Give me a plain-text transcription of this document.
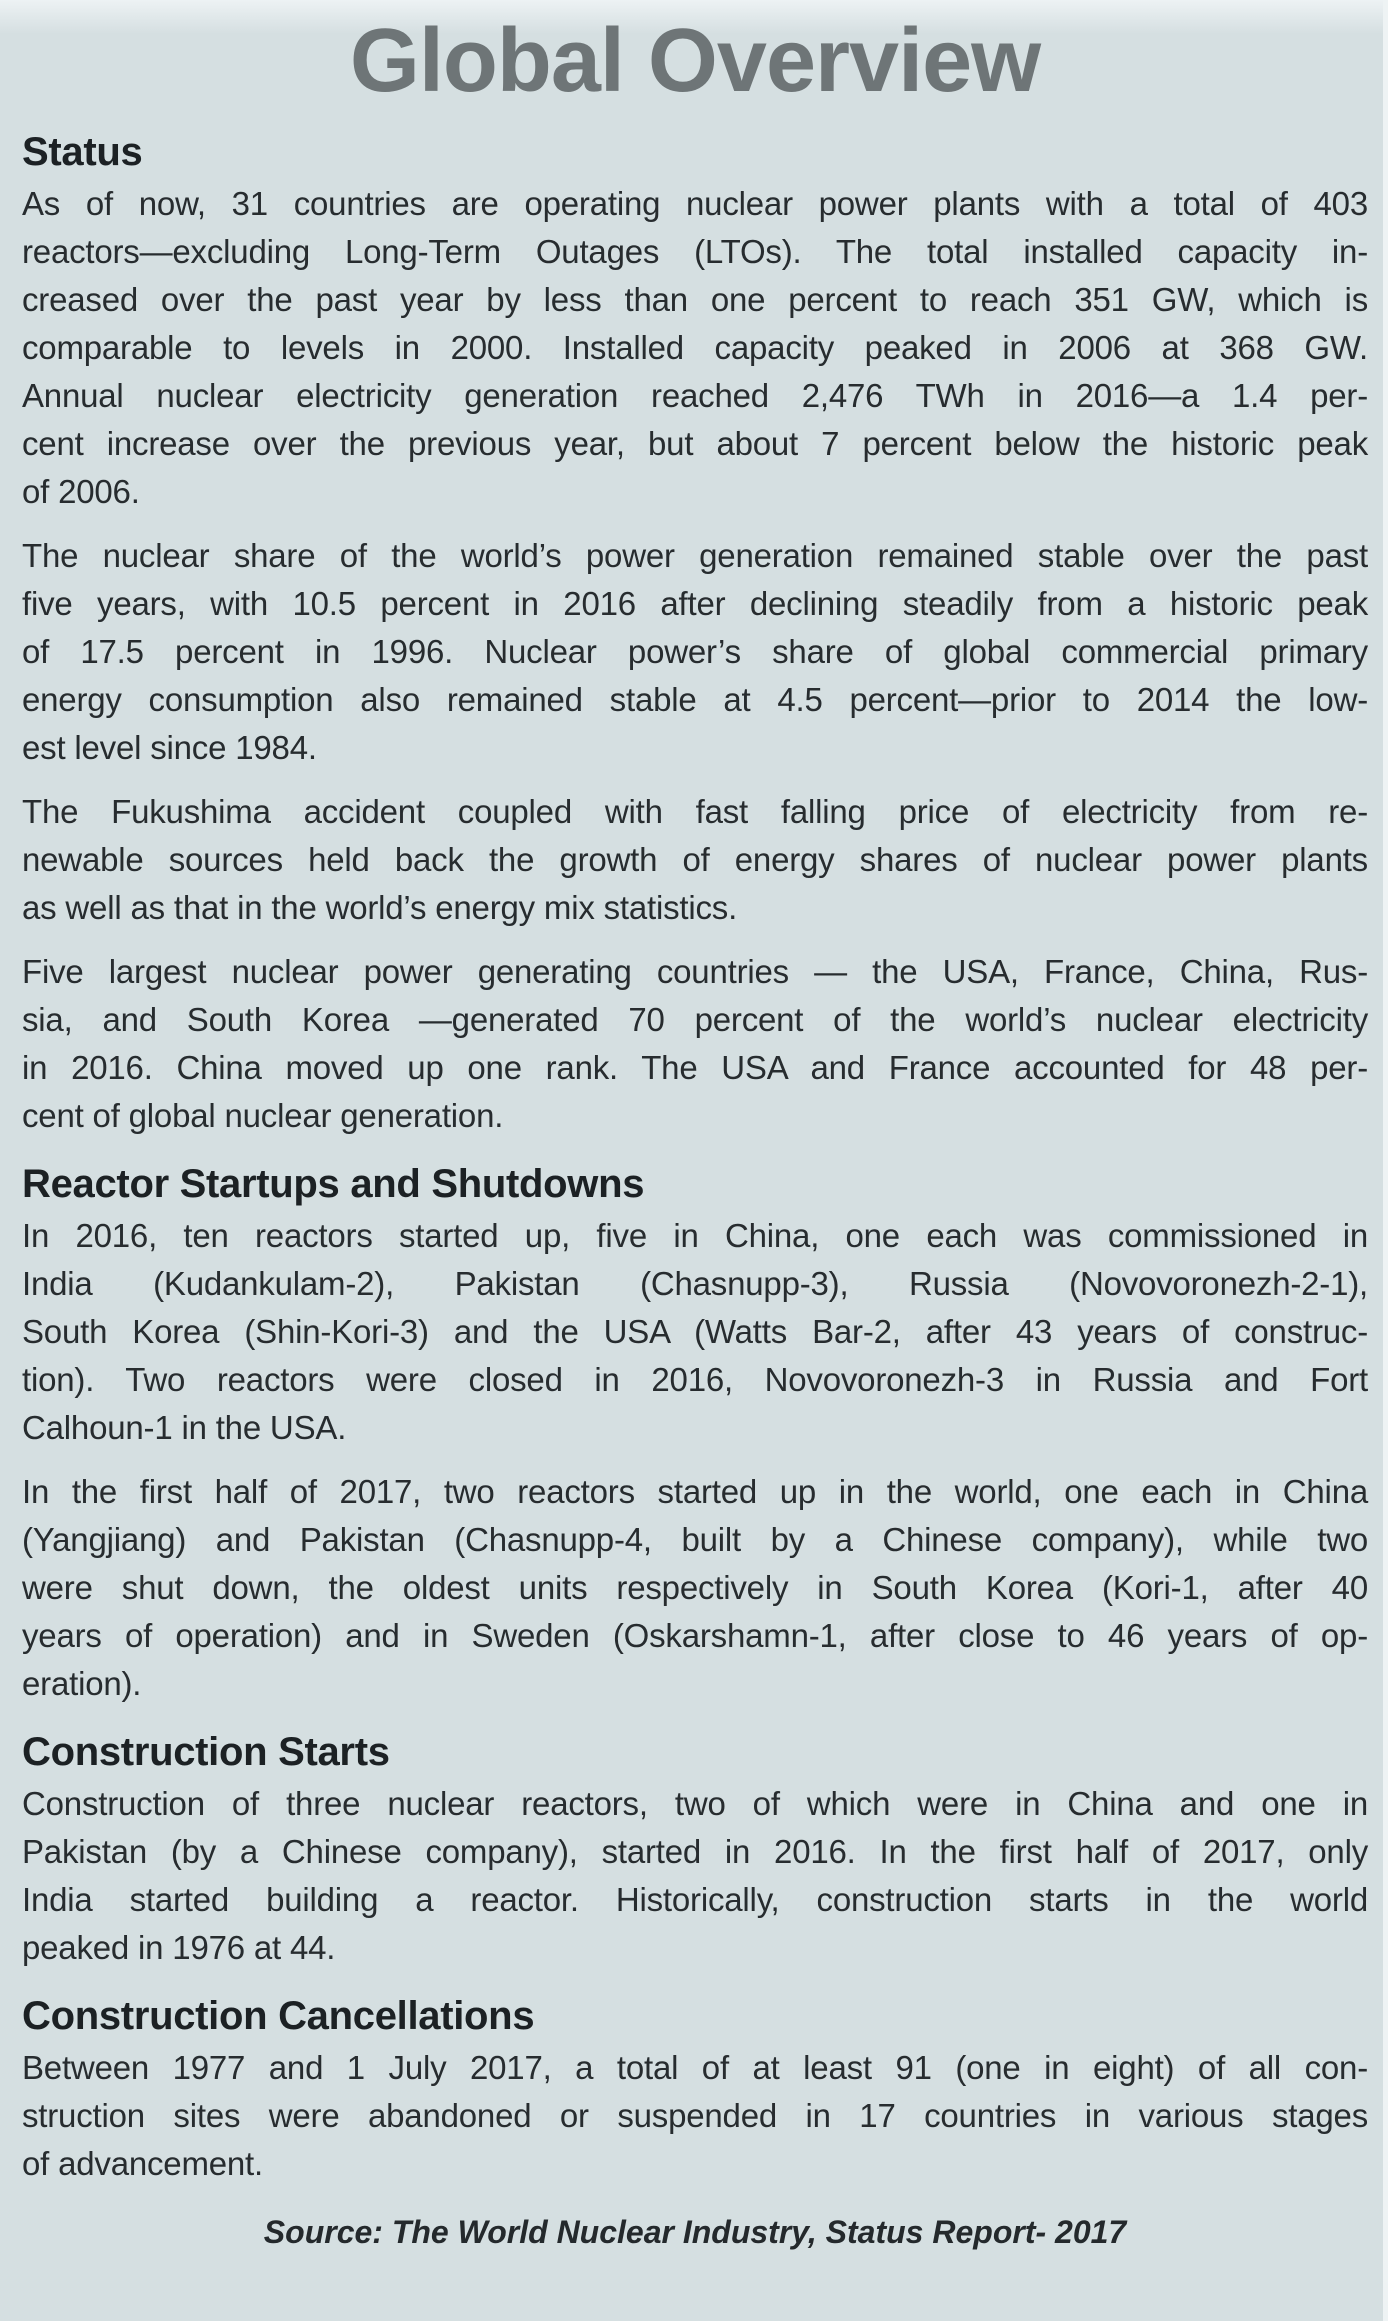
Global Overview
Status
As of now, 31 countries are operating nuclear power plants with a total of 403
reactors—excluding Long-Term Outages (LTOs). The total installed capacity in-
creased over the past year by less than one percent to reach 351 GW, which is
comparable to levels in 2000. Installed capacity peaked in 2006 at 368 GW.
Annual nuclear electricity generation reached 2,476 TWh in 2016—a 1.4 per-
cent increase over the previous year, but about 7 percent below the historic peak
of 2006.
The nuclear share of the world’s power generation remained stable over the past
five years, with 10.5 percent in 2016 after declining steadily from a historic peak
of 17.5 percent in 1996. Nuclear power’s share of global commercial primary
energy consumption also remained stable at 4.5 percent—prior to 2014 the low-
est level since 1984.
The Fukushima accident coupled with fast falling price of electricity from re-
newable sources held back the growth of energy shares of nuclear power plants
as well as that in the world’s energy mix statistics.
Five largest nuclear power generating countries — the USA, France, China, Rus-
sia, and South Korea —generated 70 percent of the world’s nuclear electricity
in 2016. China moved up one rank. The USA and France accounted for 48 per-
cent of global nuclear generation.
Reactor Startups and Shutdowns
In 2016, ten reactors started up, five in China, one each was commissioned in
India (Kudankulam-2), Pakistan (Chasnupp-3), Russia (Novovoronezh-2-1),
South Korea (Shin-Kori-3) and the USA (Watts Bar-2, after 43 years of construc-
tion). Two reactors were closed in 2016, Novovoronezh-3 in Russia and Fort
Calhoun-1 in the USA.
In the first half of 2017, two reactors started up in the world, one each in China
(Yangjiang) and Pakistan (Chasnupp-4, built by a Chinese company), while two
were shut down, the oldest units respectively in South Korea (Kori-1, after 40
years of operation) and in Sweden (Oskarshamn-1, after close to 46 years of op-
eration).
Construction Starts
Construction of three nuclear reactors, two of which were in China and one in
Pakistan (by a Chinese company), started in 2016. In the first half of 2017, only
India started building a reactor. Historically, construction starts in the world
peaked in 1976 at 44.
Construction Cancellations
Between 1977 and 1 July 2017, a total of at least 91 (one in eight) of all con-
struction sites were abandoned or suspended in 17 countries in various stages
of advancement.
Source: The World Nuclear Industry, Status Report- 2017
